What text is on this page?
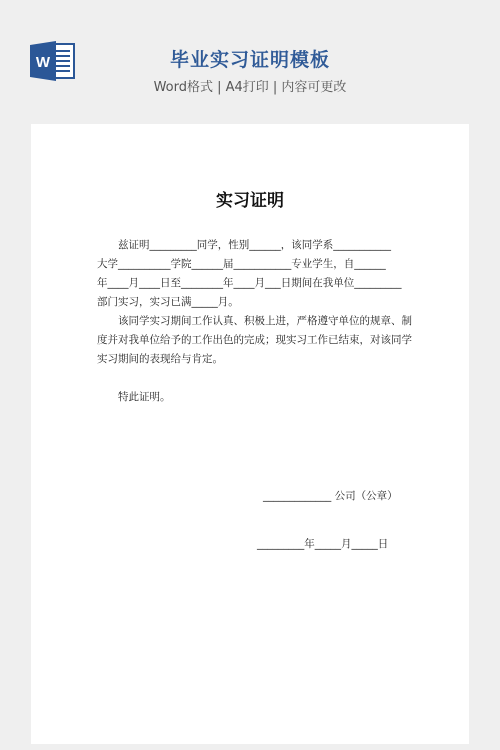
W	毕业实习证明模板
Word格式 | A4打印 | 内容可更改
实习证明
　　兹证明_________同学，性别______，该同学系___________
大学__________学院______届___________专业学生，自______
年____月____日至________年____月___日期间在我单位_________
部门实习，实习已满_____月。
　　该同学实习期间工作认真、积极上进，严格遵守单位的规章、制
度并对我单位给予的工作出色的完成；现实习工作已结束，对该同学
实习期间的表现给与肯定。

　　特此证明。
_____________ 公司（公章）
_________年_____月_____日
